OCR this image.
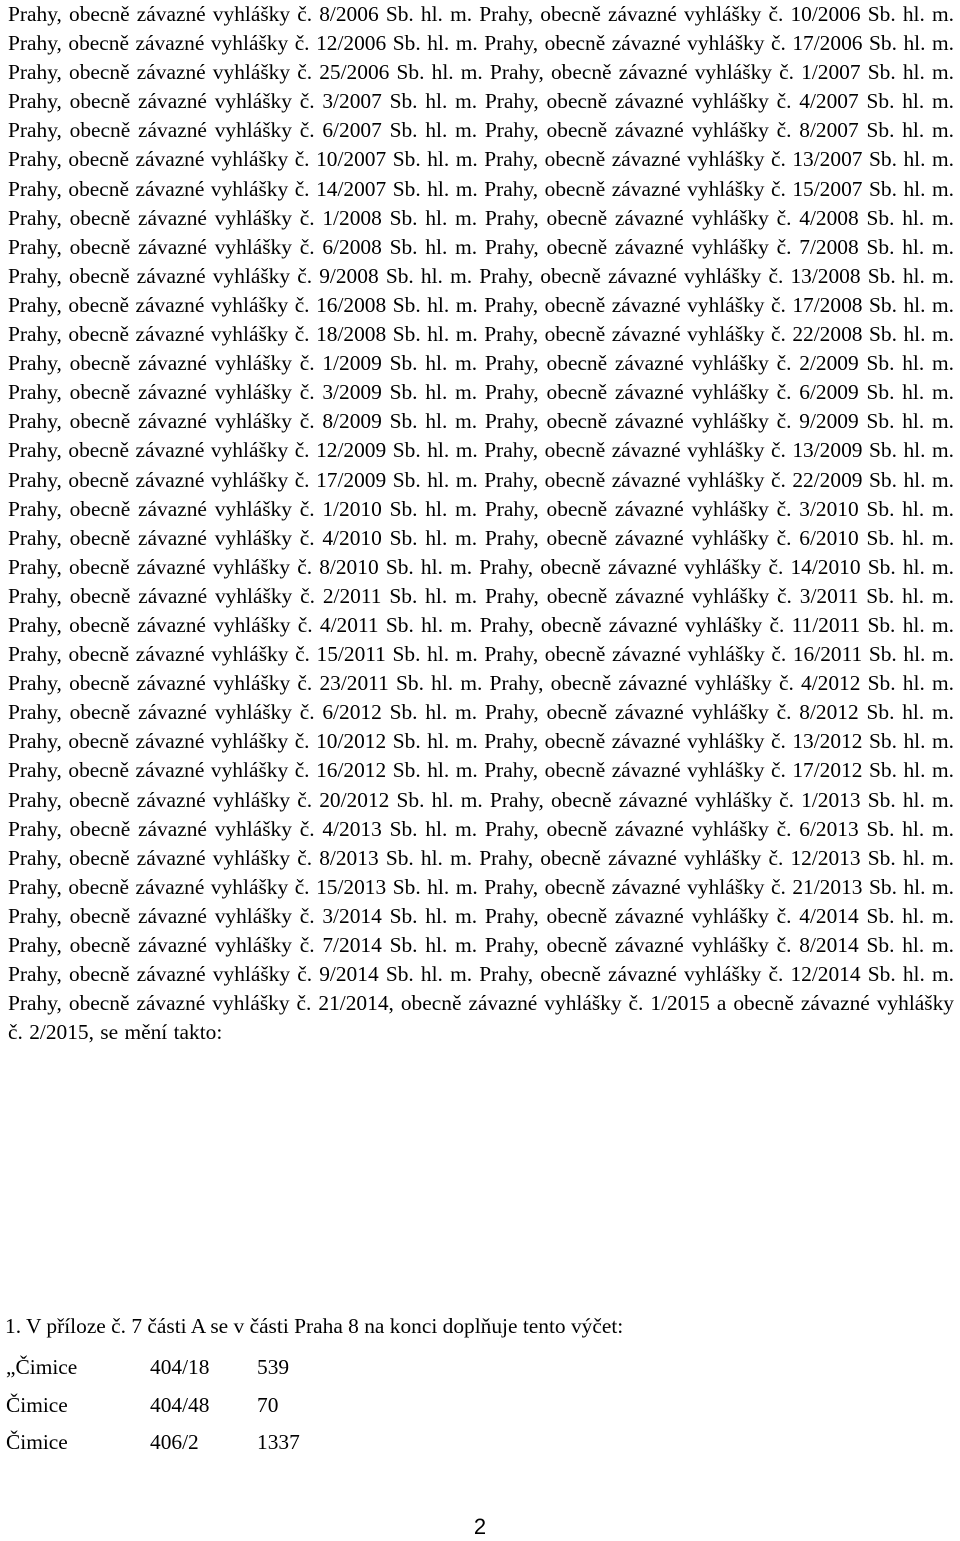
Prahy, obecně závazné vyhlášky č. 8/2006 Sb. hl. m. Prahy, obecně závazné vyhlášky č. 10/2006 Sb. hl. m. Prahy, obecně závazné vyhlášky č. 12/2006 Sb. hl. m. Prahy, obecně závazné vyhlášky č. 17/2006 Sb. hl. m. Prahy, obecně závazné vyhlášky č. 25/2006 Sb. hl. m. Prahy, obecně závazné vyhlášky č. 1/2007 Sb. hl. m. Prahy, obecně závazné vyhlášky č. 3/2007 Sb. hl. m. Prahy, obecně závazné vyhlášky č. 4/2007 Sb. hl. m. Prahy, obecně závazné vyhlášky č. 6/2007 Sb. hl. m. Prahy, obecně závazné vyhlášky č. 8/2007 Sb. hl. m. Prahy, obecně závazné vyhlášky č. 10/2007 Sb. hl. m. Prahy, obecně závazné vyhlášky č. 13/2007 Sb. hl. m. Prahy, obecně závazné vyhlášky č. 14/2007 Sb. hl. m. Prahy, obecně závazné vyhlášky č. 15/2007 Sb. hl. m. Prahy, obecně závazné vyhlášky č. 1/2008 Sb. hl. m. Prahy, obecně závazné vyhlášky č. 4/2008 Sb. hl. m. Prahy, obecně závazné vyhlášky č. 6/2008 Sb. hl. m. Prahy, obecně závazné vyhlášky č. 7/2008 Sb. hl. m. Prahy, obecně závazné vyhlášky č. 9/2008 Sb. hl. m. Prahy, obecně závazné vyhlášky č. 13/2008 Sb. hl. m. Prahy, obecně závazné vyhlášky č. 16/2008 Sb. hl. m. Prahy, obecně závazné vyhlášky č. 17/2008 Sb. hl. m. Prahy, obecně závazné vyhlášky č. 18/2008 Sb. hl. m. Prahy, obecně závazné vyhlášky č. 22/2008 Sb. hl. m. Prahy, obecně závazné vyhlášky č. 1/2009 Sb. hl. m. Prahy, obecně závazné vyhlášky č. 2/2009 Sb. hl. m. Prahy, obecně závazné vyhlášky č. 3/2009 Sb. hl. m. Prahy, obecně závazné vyhlášky č. 6/2009 Sb. hl. m. Prahy, obecně závazné vyhlášky č. 8/2009 Sb. hl. m. Prahy, obecně závazné vyhlášky č. 9/2009 Sb. hl. m. Prahy, obecně závazné vyhlášky č. 12/2009 Sb. hl. m. Prahy, obecně závazné vyhlášky č. 13/2009 Sb. hl. m. Prahy, obecně závazné vyhlášky č. 17/2009 Sb. hl. m. Prahy, obecně závazné vyhlášky č. 22/2009 Sb. hl. m. Prahy, obecně závazné vyhlášky č. 1/2010 Sb. hl. m. Prahy, obecně závazné vyhlášky č. 3/2010 Sb. hl. m. Prahy, obecně závazné vyhlášky č. 4/2010 Sb. hl. m. Prahy, obecně závazné vyhlášky č. 6/2010 Sb. hl. m. Prahy, obecně závazné vyhlášky č. 8/2010 Sb. hl. m. Prahy, obecně závazné vyhlášky č. 14/2010 Sb. hl. m. Prahy, obecně závazné vyhlášky č. 2/2011 Sb. hl. m. Prahy, obecně závazné vyhlášky č. 3/2011 Sb. hl. m. Prahy, obecně závazné vyhlášky č. 4/2011 Sb. hl. m. Prahy, obecně závazné vyhlášky č. 11/2011 Sb. hl. m. Prahy, obecně závazné vyhlášky č. 15/2011 Sb. hl. m. Prahy, obecně závazné vyhlášky č. 16/2011 Sb. hl. m. Prahy, obecně závazné vyhlášky č. 23/2011 Sb. hl. m. Prahy, obecně závazné vyhlášky č. 4/2012 Sb. hl. m. Prahy, obecně závazné vyhlášky č. 6/2012 Sb. hl. m. Prahy, obecně závazné vyhlášky č. 8/2012 Sb. hl. m. Prahy, obecně závazné vyhlášky č. 10/2012 Sb. hl. m. Prahy, obecně závazné vyhlášky č. 13/2012 Sb. hl. m. Prahy, obecně závazné vyhlášky č. 16/2012 Sb. hl. m. Prahy, obecně závazné vyhlášky č. 17/2012 Sb. hl. m. Prahy, obecně závazné vyhlášky č. 20/2012 Sb. hl. m. Prahy, obecně závazné vyhlášky č. 1/2013 Sb. hl. m. Prahy, obecně závazné vyhlášky č. 4/2013 Sb. hl. m. Prahy, obecně závazné vyhlášky č. 6/2013 Sb. hl. m. Prahy, obecně závazné vyhlášky č. 8/2013 Sb. hl. m. Prahy, obecně závazné vyhlášky č. 12/2013 Sb. hl. m. Prahy, obecně závazné vyhlášky č. 15/2013 Sb. hl. m. Prahy, obecně závazné vyhlášky č. 21/2013 Sb. hl. m. Prahy, obecně závazné vyhlášky č. 3/2014 Sb. hl. m. Prahy, obecně závazné vyhlášky č. 4/2014 Sb. hl. m. Prahy, obecně závazné vyhlášky č. 7/2014 Sb. hl. m. Prahy, obecně závazné vyhlášky č. 8/2014 Sb. hl. m. Prahy, obecně závazné vyhlášky č. 9/2014 Sb. hl. m. Prahy, obecně závazné vyhlášky č. 12/2014 Sb. hl. m. Prahy, obecně závazné vyhlášky č. 21/2014, obecně závazné vyhlášky č. 1/2015 a obecně závazné vyhlášky č. 2/2015, se mění takto:

1. V příloze č. 7 části A se v části Praha 8 na konci doplňuje tento výčet:

„Čimice	404/18	539
Čimice	404/48	70
Čimice	406/2	1337
2
